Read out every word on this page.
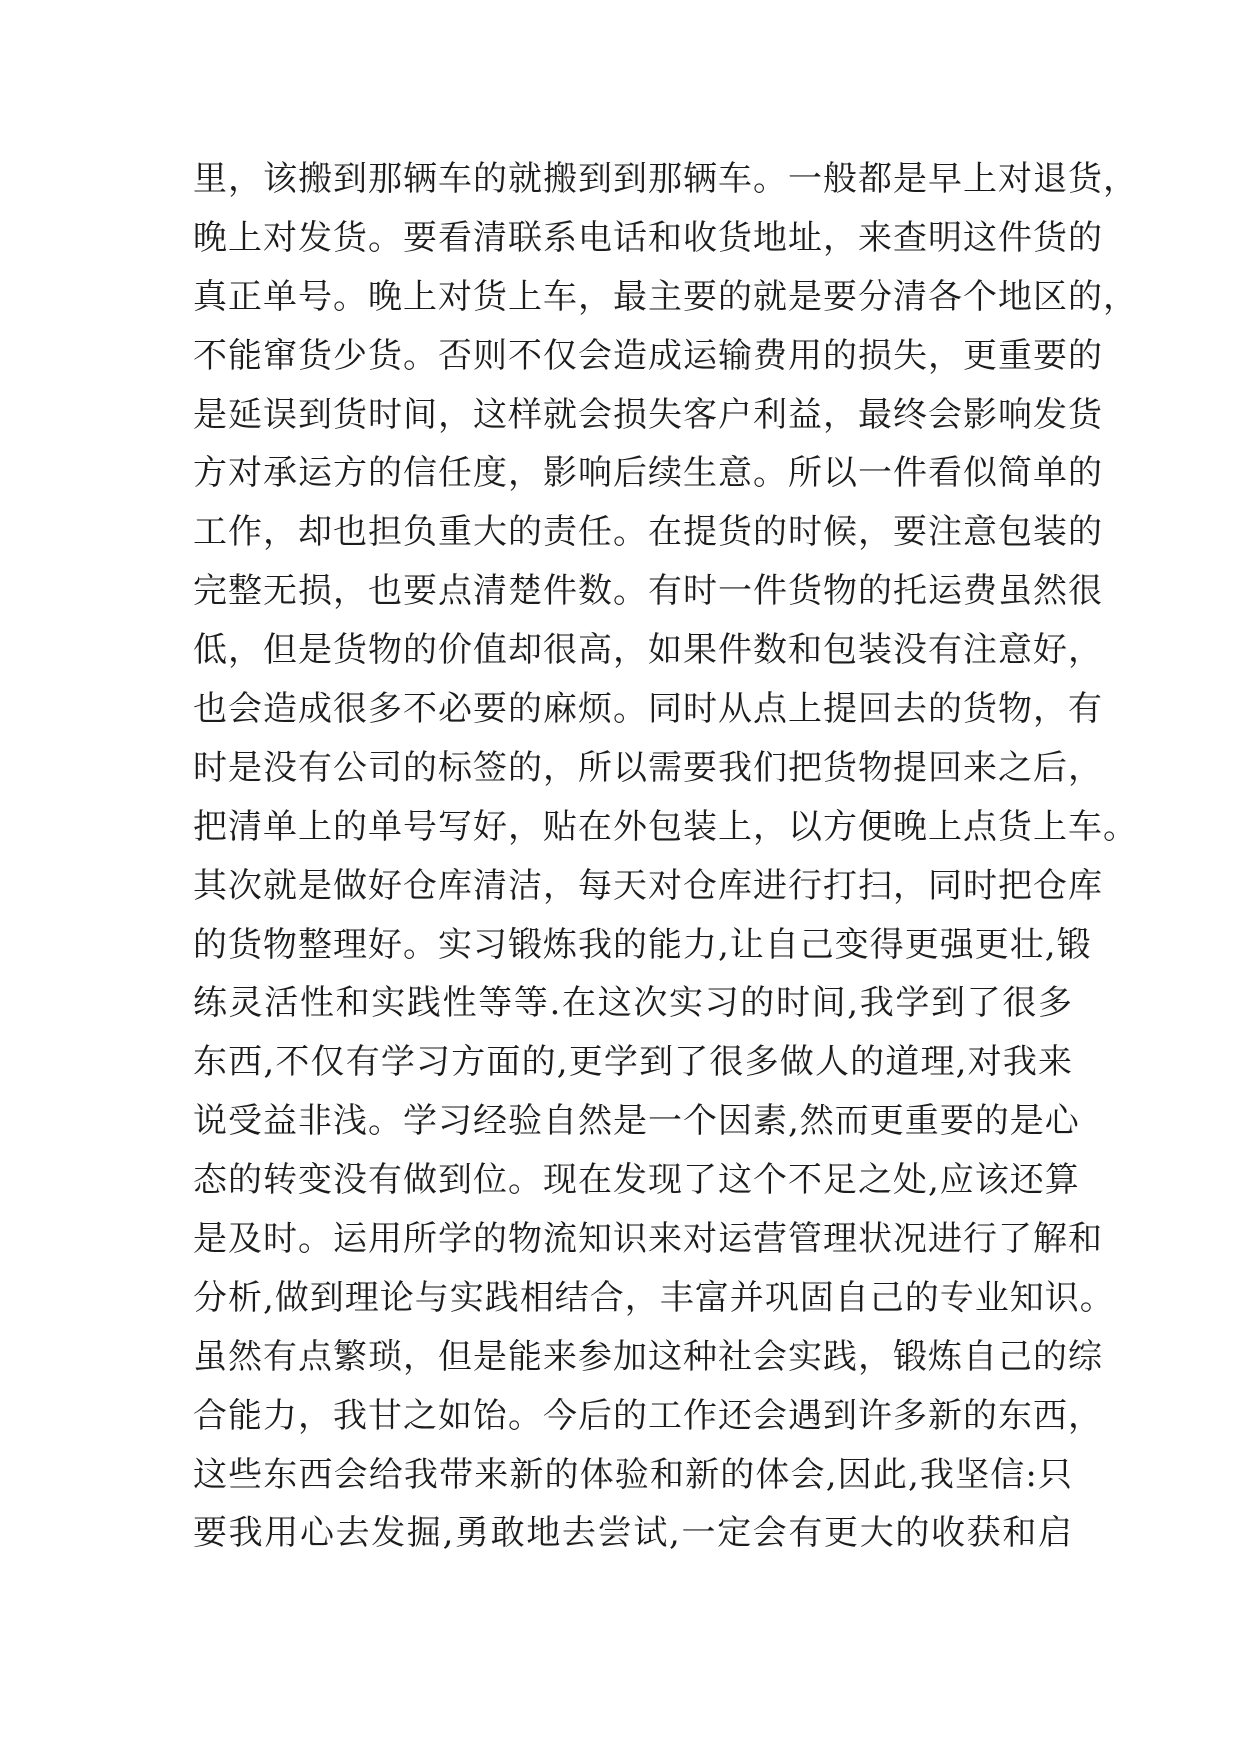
里，该搬到那辆车的就搬到到那辆车。一般都是早上对退货，
晚上对发货。要看清联系电话和收货地址，来查明这件货的
真正单号。晚上对货上车，最主要的就是要分清各个地区的，
不能窜货少货。否则不仅会造成运输费用的损失，更重要的
是延误到货时间，这样就会损失客户利益，最终会影响发货
方对承运方的信任度，影响后续生意。所以一件看似简单的
工作，却也担负重大的责任。在提货的时候，要注意包装的
完整无损，也要点清楚件数。有时一件货物的托运费虽然很
低，但是货物的价值却很高，如果件数和包装没有注意好，
也会造成很多不必要的麻烦。同时从点上提回去的货物，有
时是没有公司的标签的，所以需要我们把货物提回来之后，
把清单上的单号写好，贴在外包装上，以方便晚上点货上车。
其次就是做好仓库清洁，每天对仓库进行打扫，同时把仓库
的货物整理好。实习锻炼我的能力,让自己变得更强更壮,锻
练灵活性和实践性等等.在这次实习的时间,我学到了很多
东西,不仅有学习方面的,更学到了很多做人的道理,对我来
说受益非浅。学习经验自然是一个因素,然而更重要的是心
态的转变没有做到位。现在发现了这个不足之处,应该还算
是及时。运用所学的物流知识来对运营管理状况进行了解和
分析,做到理论与实践相结合，丰富并巩固自己的专业知识。
虽然有点繁琐，但是能来参加这种社会实践，锻炼自己的综
合能力，我甘之如饴。今后的工作还会遇到许多新的东西，
这些东西会给我带来新的体验和新的体会,因此,我坚信:只
要我用心去发掘,勇敢地去尝试,一定会有更大的收获和启
